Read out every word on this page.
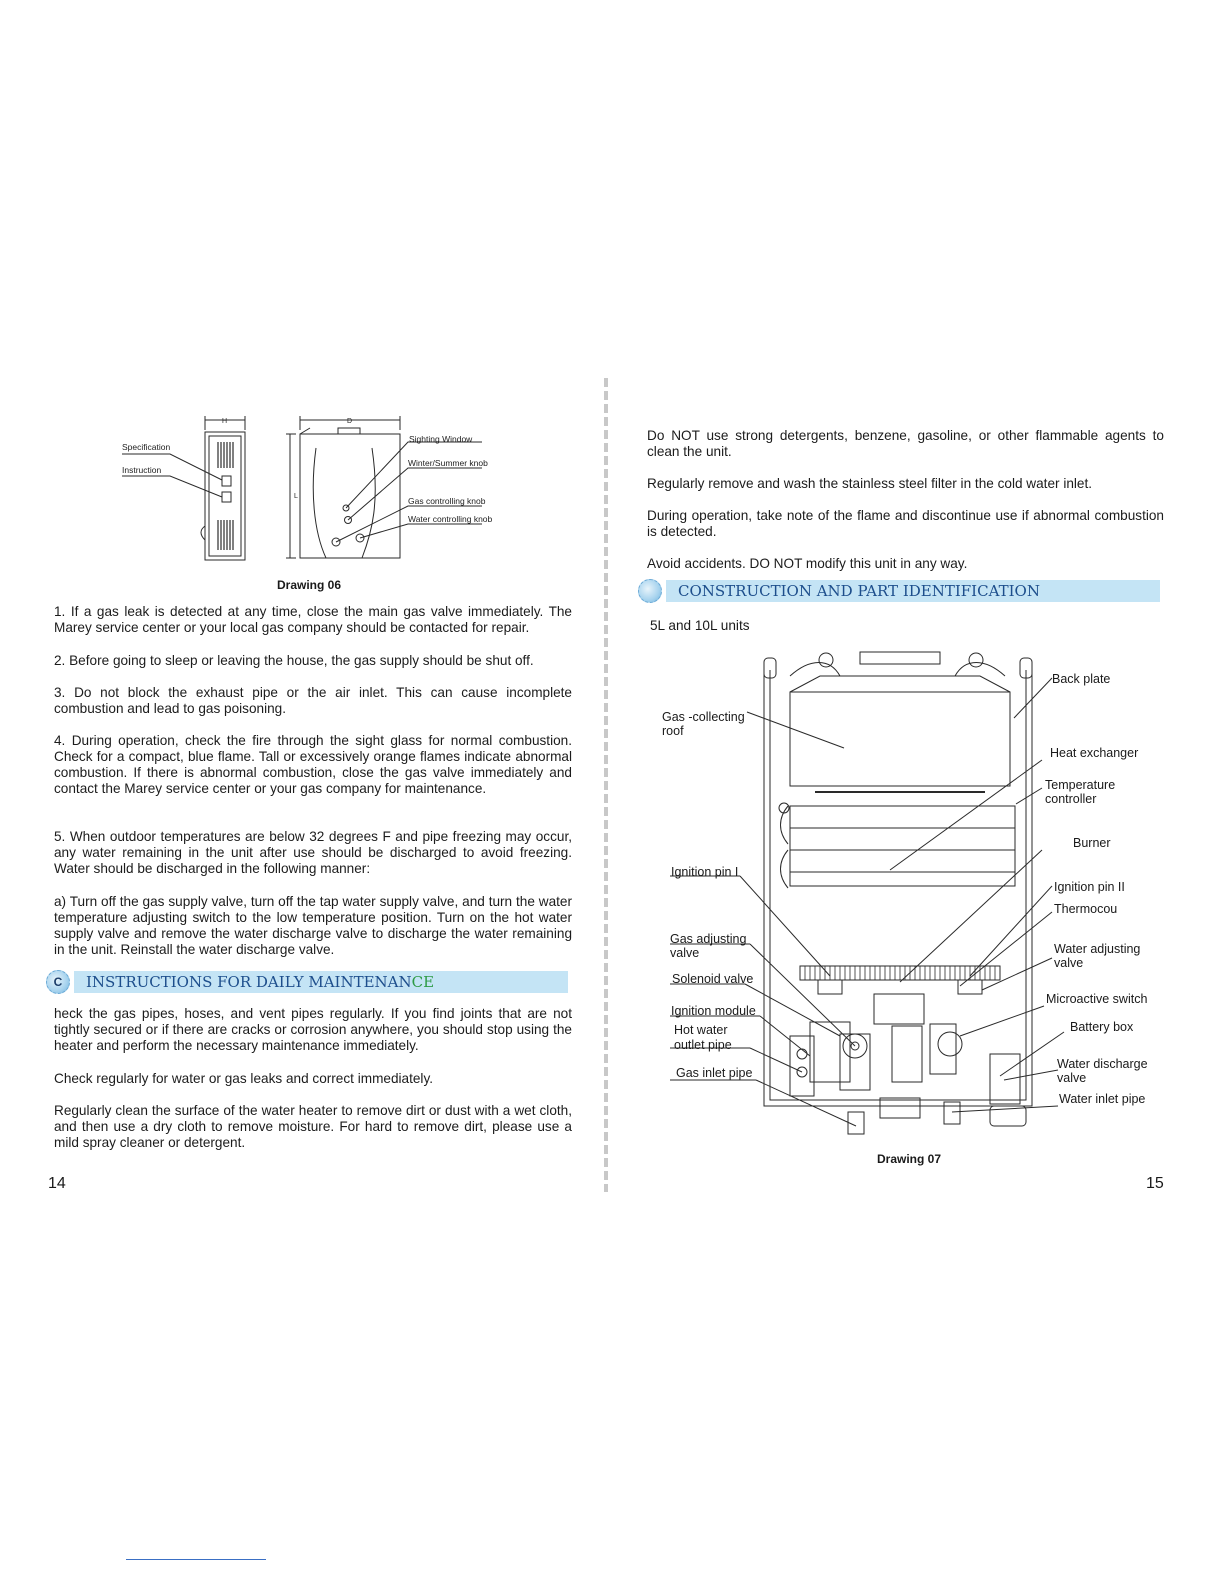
H	D
L
Specification
Instruction
Sighting Window
Winter/Summer knob
Gas controlling knob
Water controlling knob
Drawing 06
1. If a gas leak is detected at any time, close the main gas valve immediately. The Marey service center or your local gas company should be contacted for repair.
2. Before going to sleep or leaving the house, the gas supply should be shut off.
3. Do not block the exhaust pipe or the air inlet. This can cause incomplete combustion and lead to gas poisoning.
4. During operation, check the fire through the sight glass for normal combustion. Check for a compact, blue flame. Tall or excessively orange flames indicate abnormal combustion. If there is abnormal combustion, close the gas valve immediately and contact the Marey service center or your gas company for maintenance.
5. When outdoor temperatures are below 32 degrees F and pipe freezing may occur, any water remaining in the unit after use should be discharged to avoid freezing. Water should be discharged in the following manner:
a) Turn off the gas supply valve, turn off the tap water supply valve, and turn the water temperature adjusting switch to the low temperature position. Turn on the hot water supply valve and remove the water discharge valve to discharge the water remaining in the unit. Reinstall the water discharge valve.
C	INSTRUCTIONS FOR DAILY MAINTENANCE
heck the gas pipes, hoses, and vent pipes regularly. If you find joints that are not tightly secured or if there are cracks or corrosion anywhere, you should stop using the heater and perform the necessary maintenance immediately.
Check regularly for water or gas leaks and correct immediately.
Regularly clean the surface of the water heater to remove dirt or dust with a wet cloth, and then use a dry cloth to remove moisture. For hard to remove dirt, please use a mild spray cleaner or detergent.
14
Do NOT use strong detergents, benzene, gasoline, or other flammable agents to clean the unit.
Regularly remove and wash the stainless steel filter in the cold water inlet.
During operation, take note of the flame and discontinue use if abnormal combustion is detected.
Avoid accidents. DO NOT modify this unit in any way.
CONSTRUCTION AND PART IDENTIFICATION
5L and 10L units
Back plate
Gas -collecting
roof
Heat exchanger
Temperature
controller
Burner
Ignition pin I
Ignition pin II
Thermocou
Gas adjusting
valve	Water adjusting
valve
Solenoid valve
Microactive switch
Ignition module
Battery box
Hot water
outlet pipe
Water discharge
valve
Gas inlet pipe
Water inlet pipe
Drawing 07
15
